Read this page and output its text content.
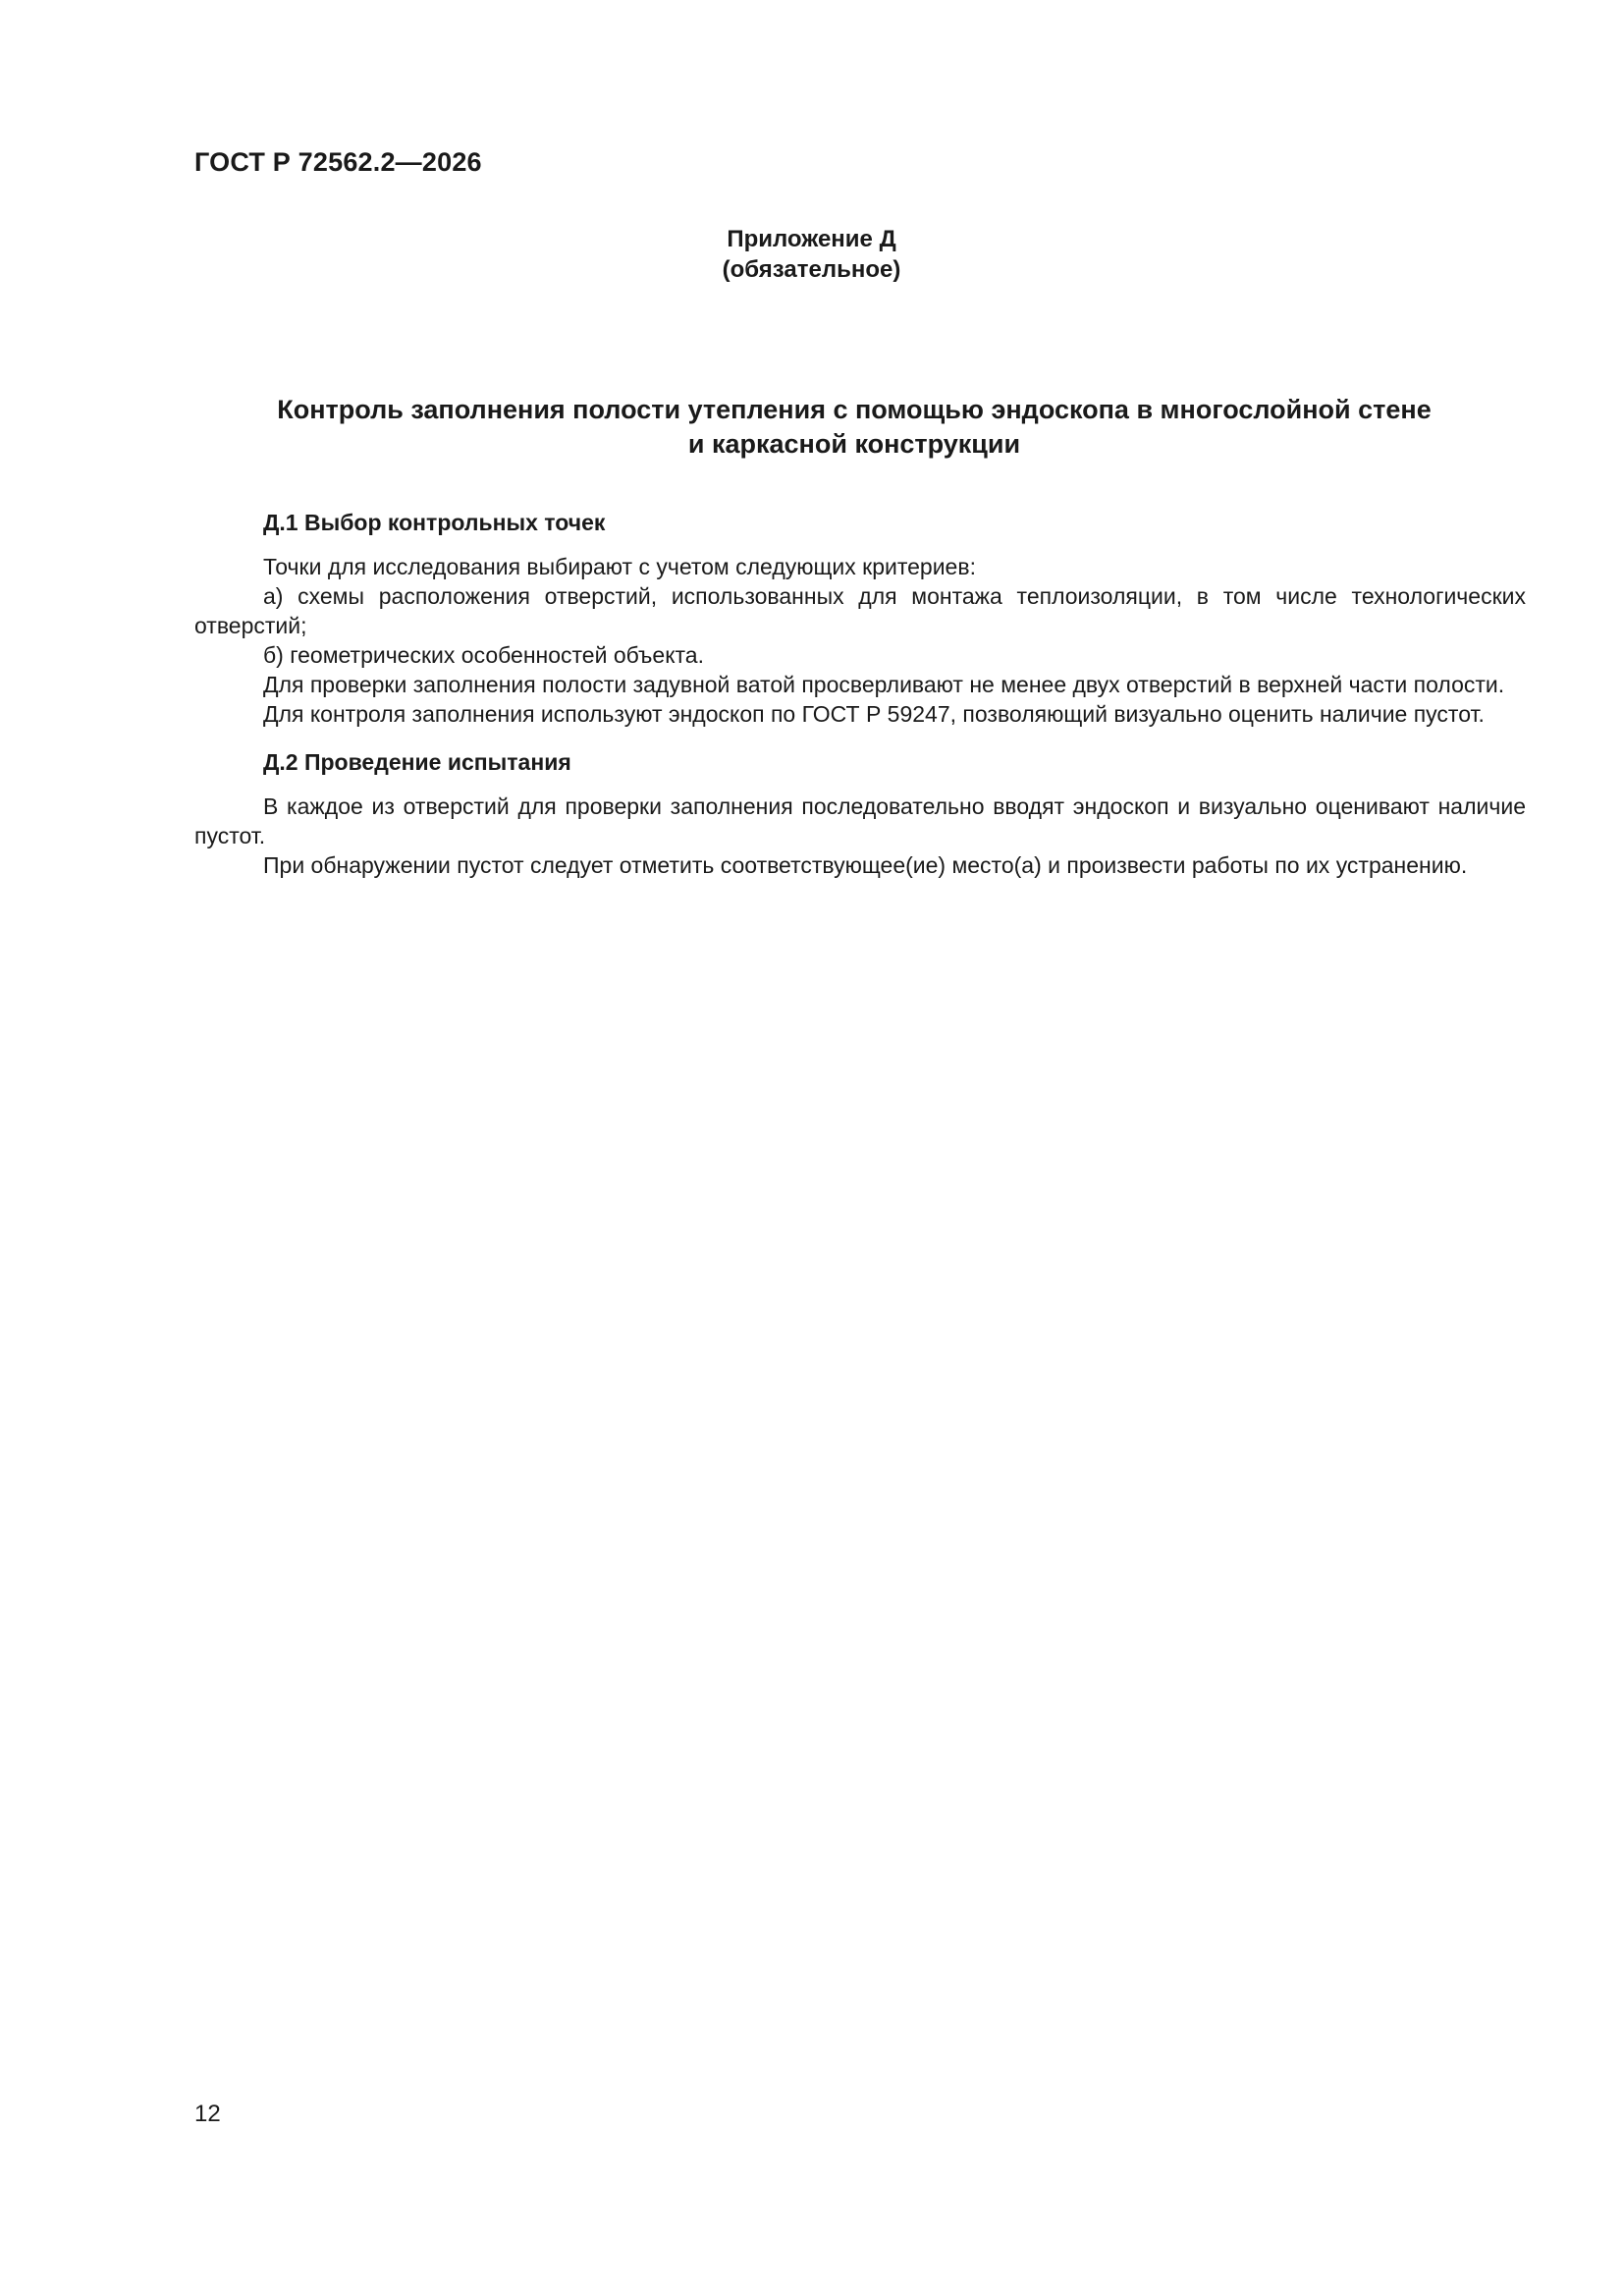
ГОСТ Р 72562.2—2026
Приложение Д
(обязательное)
Контроль заполнения полости утепления с помощью эндоскопа в многослойной стене
и каркасной конструкции

Д.1 Выбор контрольных точек

Точки для исследования выбирают с учетом следующих критериев:

а) схемы расположения отверстий, использованных для монтажа теплоизоляции, в том числе технологических отверстий;

б) геометрических особенностей объекта.

Для проверки заполнения полости задувной ватой просверливают не менее двух отверстий в верхней части полости.

Для контроля заполнения используют эндоскоп по ГОСТ Р 59247, позволяющий визуально оценить наличие пустот.

Д.2 Проведение испытания

В каждое из отверстий для проверки заполнения последовательно вводят эндоскоп и визуально оценивают наличие пустот.

При обнаружении пустот следует отметить соответствующее(ие) место(а) и произвести работы по их устранению.

12
